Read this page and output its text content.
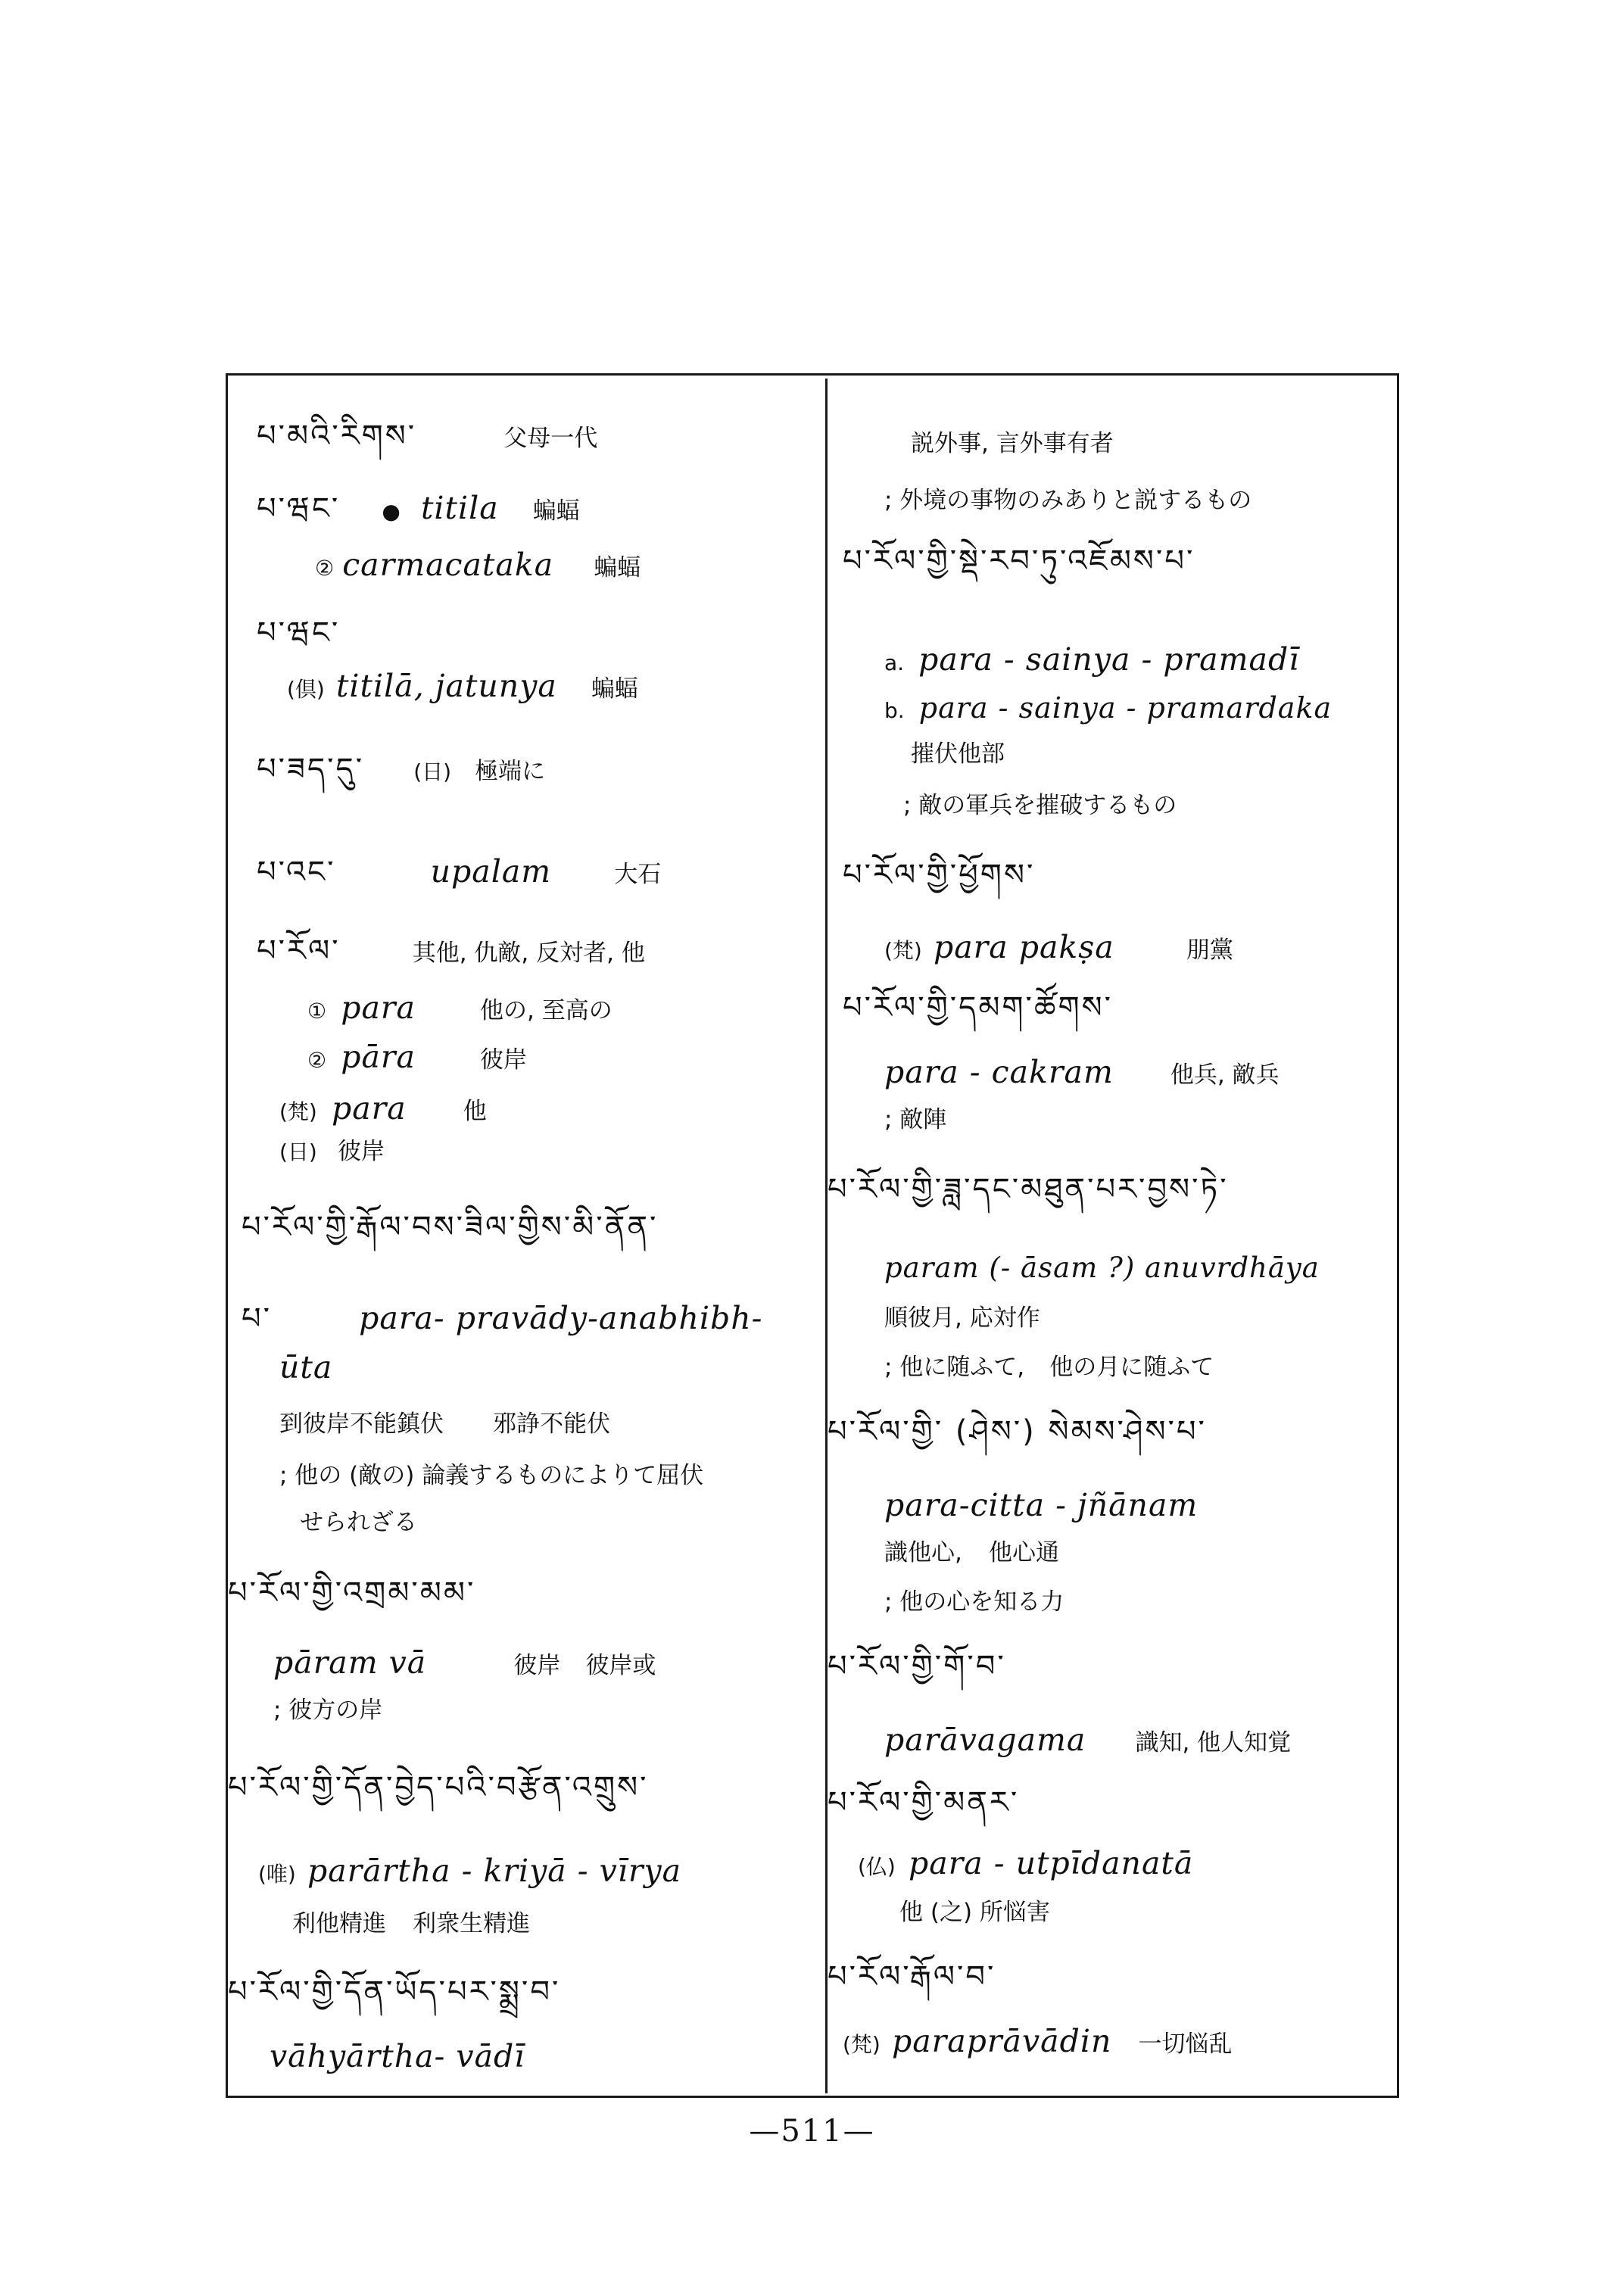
པ་མའི་རིགས་	父母一代
པ་ཝང་ ● titila 蝙蝠
② carmacataka 蝙蝠
པ་ཝང་
(倶) titilā, jatunya 蝙蝠
པ་ཟད་དུ་ (日) 極端に
པ་འང་	upalam	大石
པ་རོལ་	其他, 仇敵, 反対者, 他
① para	他の, 至高の
② pāra	彼岸
(梵) para 他
(日) 彼岸
པ་རོལ་གྱི་རྒོལ་བས་ཟིལ་གྱིས་མི་ནོན་
པ་	para- pravādy-anabhibh-
ūta
到彼岸不能鎮伏 邪諍不能伏
; 他の (敵の) 論義するものによりて屈伏
せられざる
པ་རོལ་གྱི་འགྲམ་མམ་
pāram vā	彼岸 彼岸或
; 彼方の岸
པ་རོལ་གྱི་དོན་བྱེད་པའི་བརྩོན་འགྲུས་
(唯) parārtha - kriyā - vīrya
利他精進 利衆生精進
པ་རོལ་གྱི་དོན་ཡོད་པར་སྨྲ་བ་
vāhyārtha- vādī
説外事, 言外事有者
; 外境の事物のみありと説するもの
པ་རོལ་གྱི་སྡེ་རབ་ཏུ་འཇོམས་པ་
a. para - sainya - pramadī
b. para - sainya - pramardaka
摧伏他部
; 敵の軍兵を摧破するもの
པ་རོལ་གྱི་ཕྱོགས་
(梵) para pakṣa	朋黨
པ་རོལ་གྱི་དམག་ཚོགས་
para - cakram 他兵, 敵兵
; 敵陣
པ་རོལ་གྱི་ཟླ་དང་མཐུན་པར་བྱས་ཏེ་
param (- āsam ?) anuvrdhāya
順彼月, 応対作
; 他に随ふて, 他の月に随ふて
པ་རོལ་གྱི་ (ཤེས་) སེམས་ཤེས་པ་
para-citta - jñānam
識他心, 他心通
; 他の心を知る力
པ་རོལ་གྱི་གོ་བ་
parāvagama 識知, 他人知覚
པ་རོལ་གྱི་མནར་
(仏) para - utpīdanatā
他 (之) 所悩害
པ་རོལ་རྒོལ་བ་
(梵) paraprāvādin 一切悩乱
—511—
